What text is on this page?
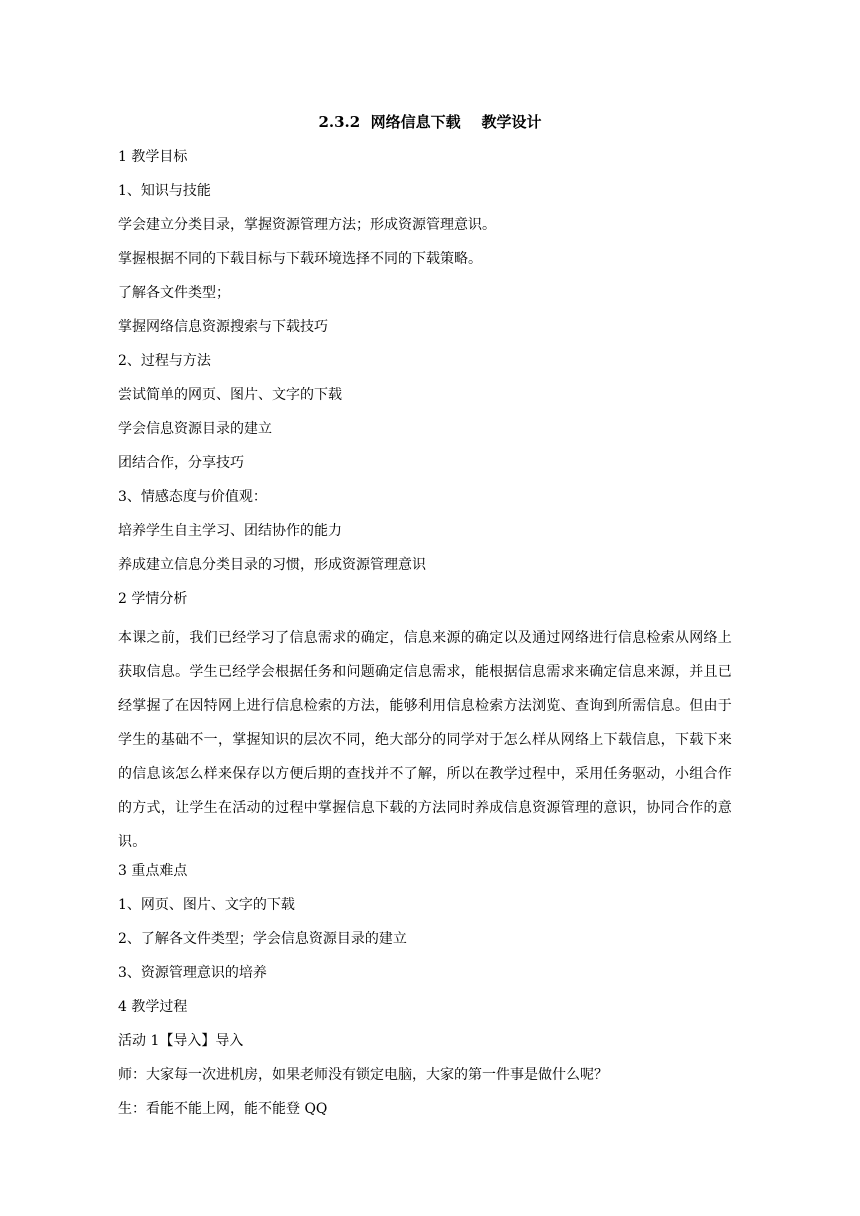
2.3.2  网络信息下载    教学设计
1 教学目标
1、知识与技能
学会建立分类目录，掌握资源管理方法；形成资源管理意识。
掌握根据不同的下载目标与下载环境选择不同的下载策略。
了解各文件类型；
掌握网络信息资源搜索与下载技巧
2、过程与方法
尝试简单的网页、图片、文字的下载
学会信息资源目录的建立
团结合作，分享技巧
3、情感态度与价值观：
培养学生自主学习、团结协作的能力
养成建立信息分类目录的习惯，形成资源管理意识
2 学情分析
本课之前，我们已经学习了信息需求的确定，信息来源的确定以及通过网络进行信息检索从网络上获取信息。学生已经学会根据任务和问题确定信息需求，能根据信息需求来确定信息来源，并且已经掌握了在因特网上进行信息检索的方法，能够利用信息检索方法浏览、查询到所需信息。但由于学生的基础不一，掌握知识的层次不同，绝大部分的同学对于怎么样从网络上下载信息，下载下来的信息该怎么样来保存以方便后期的查找并不了解，所以在教学过程中，采用任务驱动，小组合作的方式，让学生在活动的过程中掌握信息下载的方法同时养成信息资源管理的意识，协同合作的意识。
3 重点难点
1、网页、图片、文字的下载
2、了解各文件类型；学会信息资源目录的建立
3、资源管理意识的培养
4 教学过程
活动 1【导入】导入
师：大家每一次进机房，如果老师没有锁定电脑，大家的第一件事是做什么呢？
生：看能不能上网，能不能登 QQ
